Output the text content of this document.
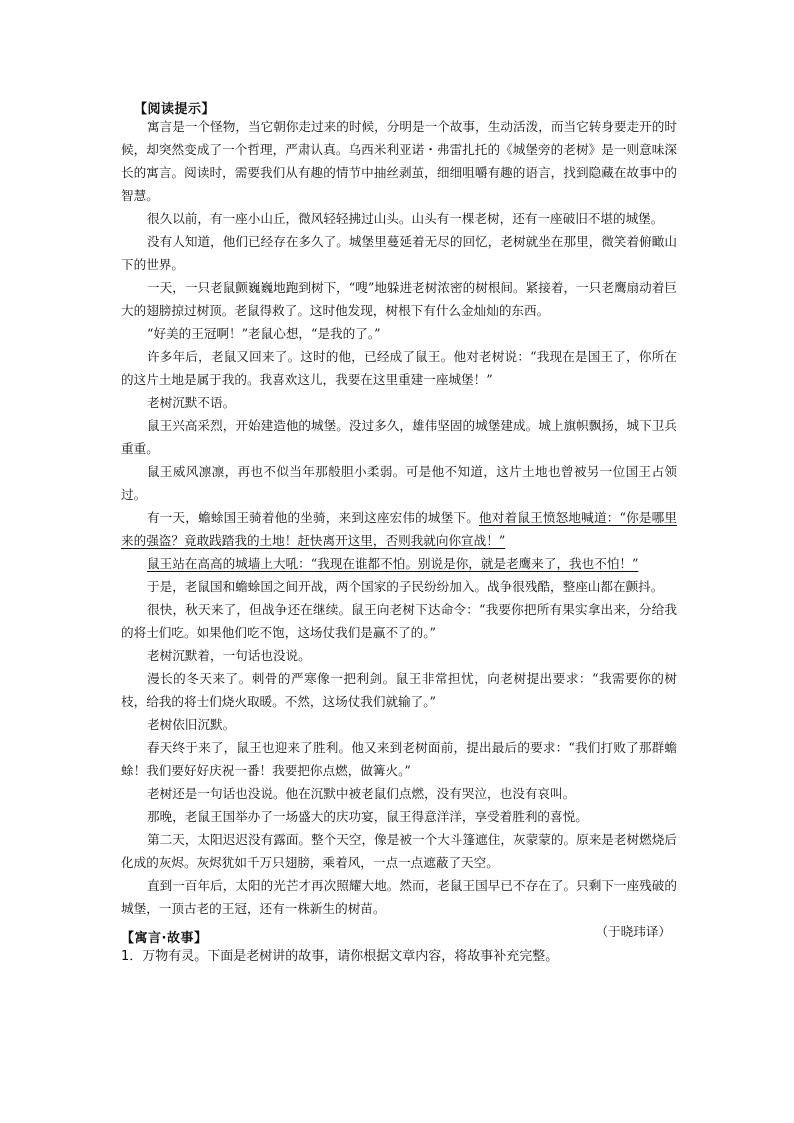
【阅读提示】

寓言是一个怪物，当它朝你走过来的时候，分明是一个故事，生动活泼，而当它转身要走开的时候，却突然变成了一个哲理，严肃认真。乌西米利亚诺・弗雷扎托的《城堡旁的老树》是一则意味深长的寓言。阅读时，需要我们从有趣的情节中抽丝剥茧，细细咀嚼有趣的语言，找到隐藏在故事中的智慧。

很久以前，有一座小山丘，微风轻轻拂过山头。山头有一棵老树，还有一座破旧不堪的城堡。

没有人知道，他们已经存在多久了。城堡里蔓延着无尽的回忆，老树就坐在那里，微笑着俯瞰山下的世界。

一天，一只老鼠颤巍巍地跑到树下，“嗖”地躲进老树浓密的树根间。紧接着，一只老鹰扇动着巨大的翅膀掠过树顶。老鼠得救了。这时他发现，树根下有什么金灿灿的东西。

“好美的王冠啊！”老鼠心想，“是我的了。”

许多年后，老鼠又回来了。这时的他，已经成了鼠王。他对老树说：“我现在是国王了，你所在的这片土地是属于我的。我喜欢这儿，我要在这里重建一座城堡！”

老树沉默不语。

鼠王兴高采烈，开始建造他的城堡。没过多久，雄伟坚固的城堡建成。城上旗帜飘扬，城下卫兵重重。

鼠王威风凛凛，再也不似当年那般胆小柔弱。可是他不知道，这片土地也曾被另一位国王占领过。

有一天，蟾蜍国王骑着他的坐骑，来到这座宏伟的城堡下。他对着鼠王愤怒地喊道：“你是哪里来的强盗？竟敢践踏我的土地！赶快离开这里，否则我就向你宣战！”

鼠王站在高高的城墙上大吼：“我现在谁都不怕。别说是你，就是老鹰来了，我也不怕！”

于是，老鼠国和蟾蜍国之间开战，两个国家的子民纷纷加入。战争很残酷，整座山都在颤抖。

很快，秋天来了，但战争还在继续。鼠王向老树下达命令：“我要你把所有果实拿出来，分给我的将士们吃。如果他们吃不饱，这场仗我们是赢不了的。”

老树沉默着，一句话也没说。

漫长的冬天来了。刺骨的严寒像一把利剑。鼠王非常担忧，向老树提出要求：“我需要你的树枝，给我的将士们烧火取暖。不然，这场仗我们就输了。”

老树依旧沉默。

春天终于来了，鼠王也迎来了胜利。他又来到老树面前，提出最后的要求：“我们打败了那群蟾蜍！我们要好好庆祝一番！我要把你点燃，做篝火。”

老树还是一句话也没说。他在沉默中被老鼠们点燃，没有哭泣，也没有哀叫。

那晚，老鼠王国举办了一场盛大的庆功宴，鼠王得意洋洋，享受着胜利的喜悦。

第二天，太阳迟迟没有露面。整个天空，像是被一个大斗篷遮住，灰蒙蒙的。原来是老树燃烧后化成的灰烬。灰烬犹如千万只翅膀，乘着风，一点一点遮蔽了天空。

直到一百年后，太阳的光芒才再次照耀大地。然而，老鼠王国早已不存在了。只剩下一座残破的城堡，一顶古老的王冠，还有一株新生的树苗。

（于晓玮译）
【寓言·故事】
1．万物有灵。下面是老树讲的故事，请你根据文章内容，将故事补充完整。
